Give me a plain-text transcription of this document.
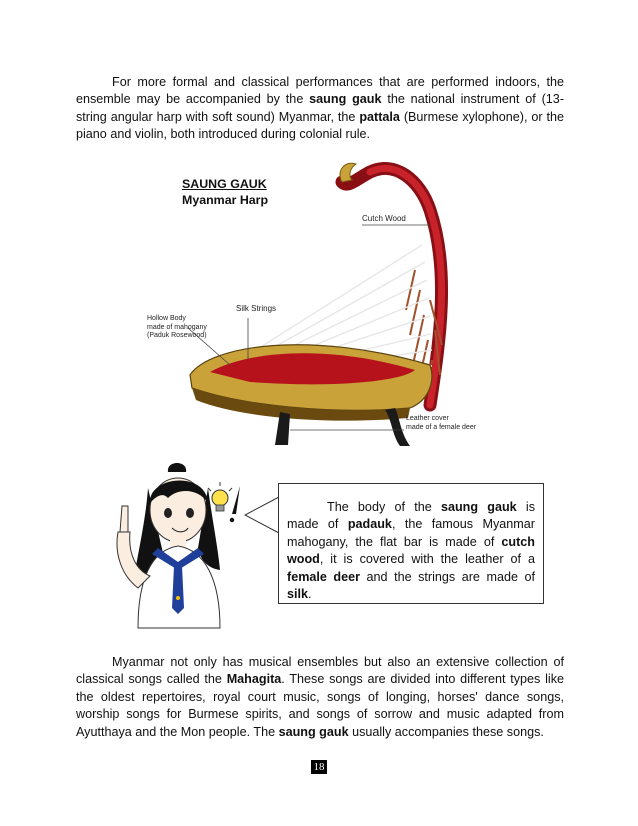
For more formal and classical performances that are performed indoors, the ensemble may be accompanied by the saung gauk the national instrument of (13-string angular harp with soft sound) Myanmar, the pattala (Burmese xylophone), or the piano and violin, both introduced during colonial rule.

SAUNG GAUK
Myanmar Harp
Cutch Wood
Silk Strings
Hollow Body
made of mahogany
(Paduk Rosewood)
Leather cover
made of a female deer

The body of the saung gauk is made of padauk, the famous Myanmar mahogany, the flat bar is made of cutch wood, it is covered with the leather of a female deer and the strings are made of silk.

Myanmar not only has musical ensembles but also an extensive collection of classical songs called the Mahagita. These songs are divided into different types like the oldest repertoires, royal court music, songs of longing, horses' dance songs, worship songs for Burmese spirits, and songs of sorrow and music adapted from Ayutthaya and the Mon people. The saung gauk usually accompanies these songs.

18
